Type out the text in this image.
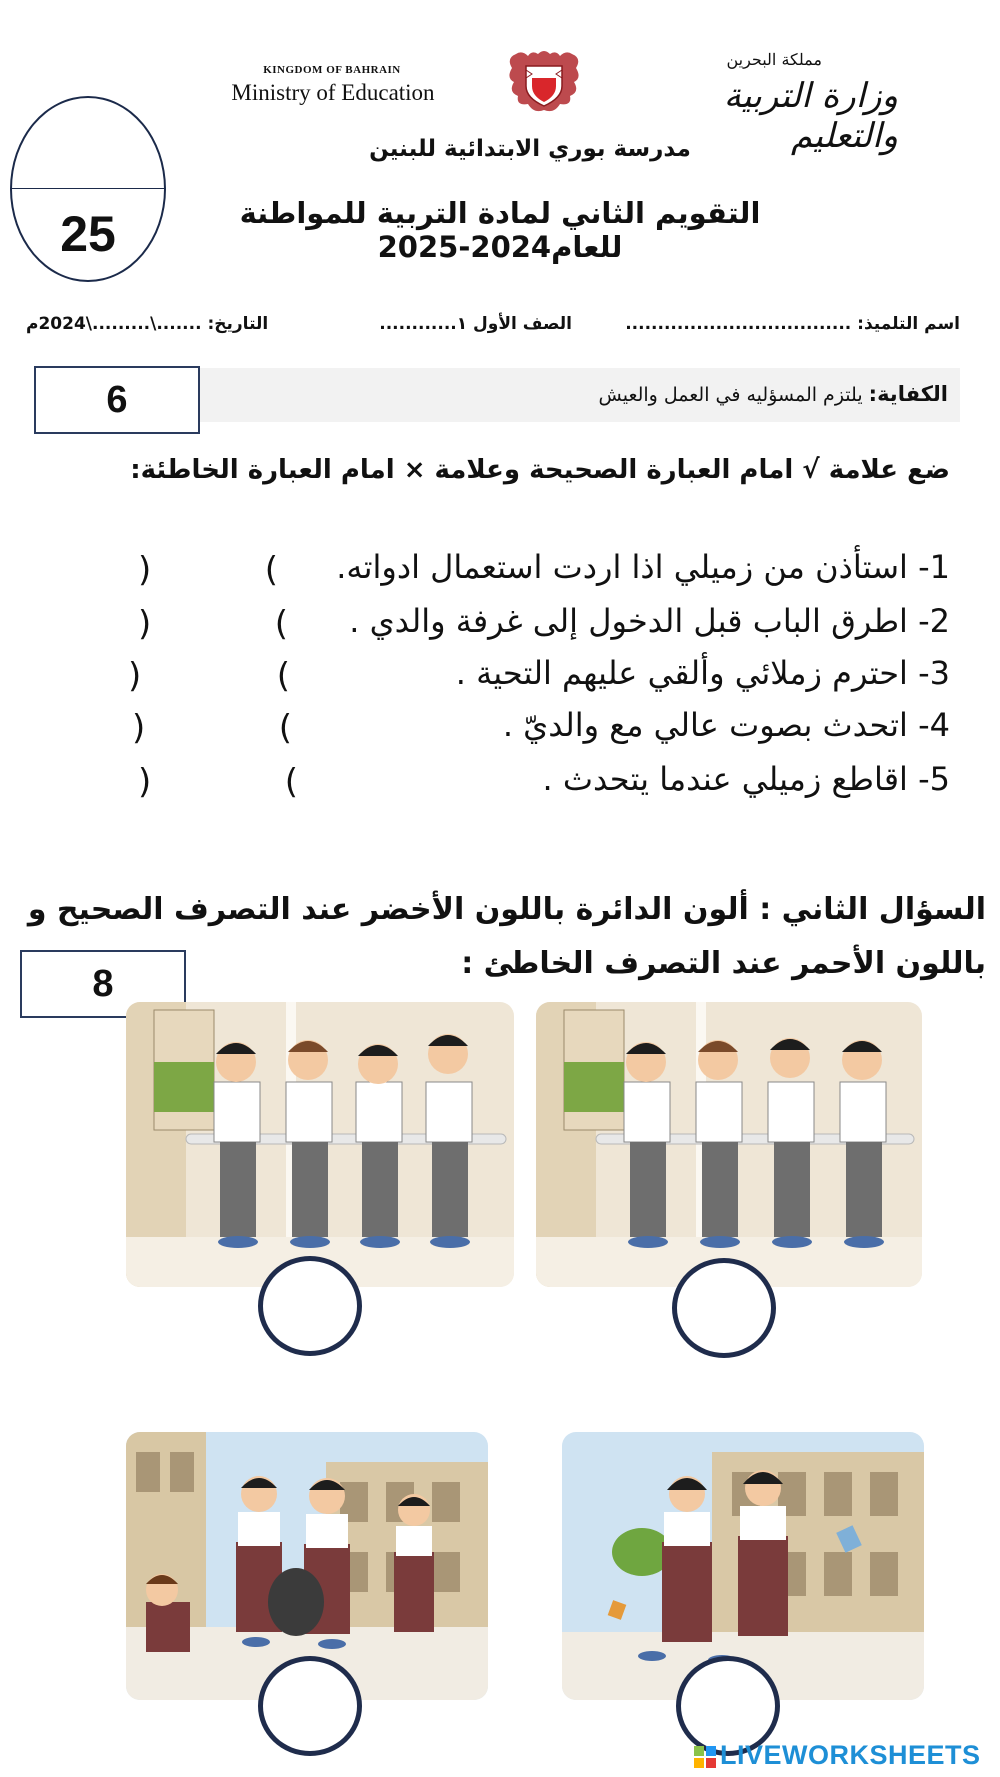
KINGDOM OF BAHRAIN
Ministry of Education
مملكة البحرين
وزارة التربية والتعليم
مدرسة بوري الابتدائية للبنين
التقويم الثاني لمادة التربية للمواطنة للعام2024-2025
25
اسم التلميذ: ...................................
الصف الأول ١............
التاريخ: .......\.........\2024م
الكفاية: يلتزم المسؤليه في العمل والعيش
6
ضع علامة √ امام العبارة الصحيحة وعلامة × امام العبارة الخاطئة:
1- استأذن من زميلي اذا اردت استعمال ادواته.
2- اطرق الباب قبل الدخول إلى غرفة والدي .
3- احترم زملائي وألقي عليهم التحية .
4- اتحدث بصوت عالي مع والديّ .
5- اقاطع زميلي عندما يتحدث .
(
)
(
)
(
)
(
)
(
)
السؤال الثاني : ألون الدائرة باللون الأخضر عند التصرف الصحيح و
باللون الأحمر عند التصرف الخاطئ :
8
LIVEWORKSHEETS
